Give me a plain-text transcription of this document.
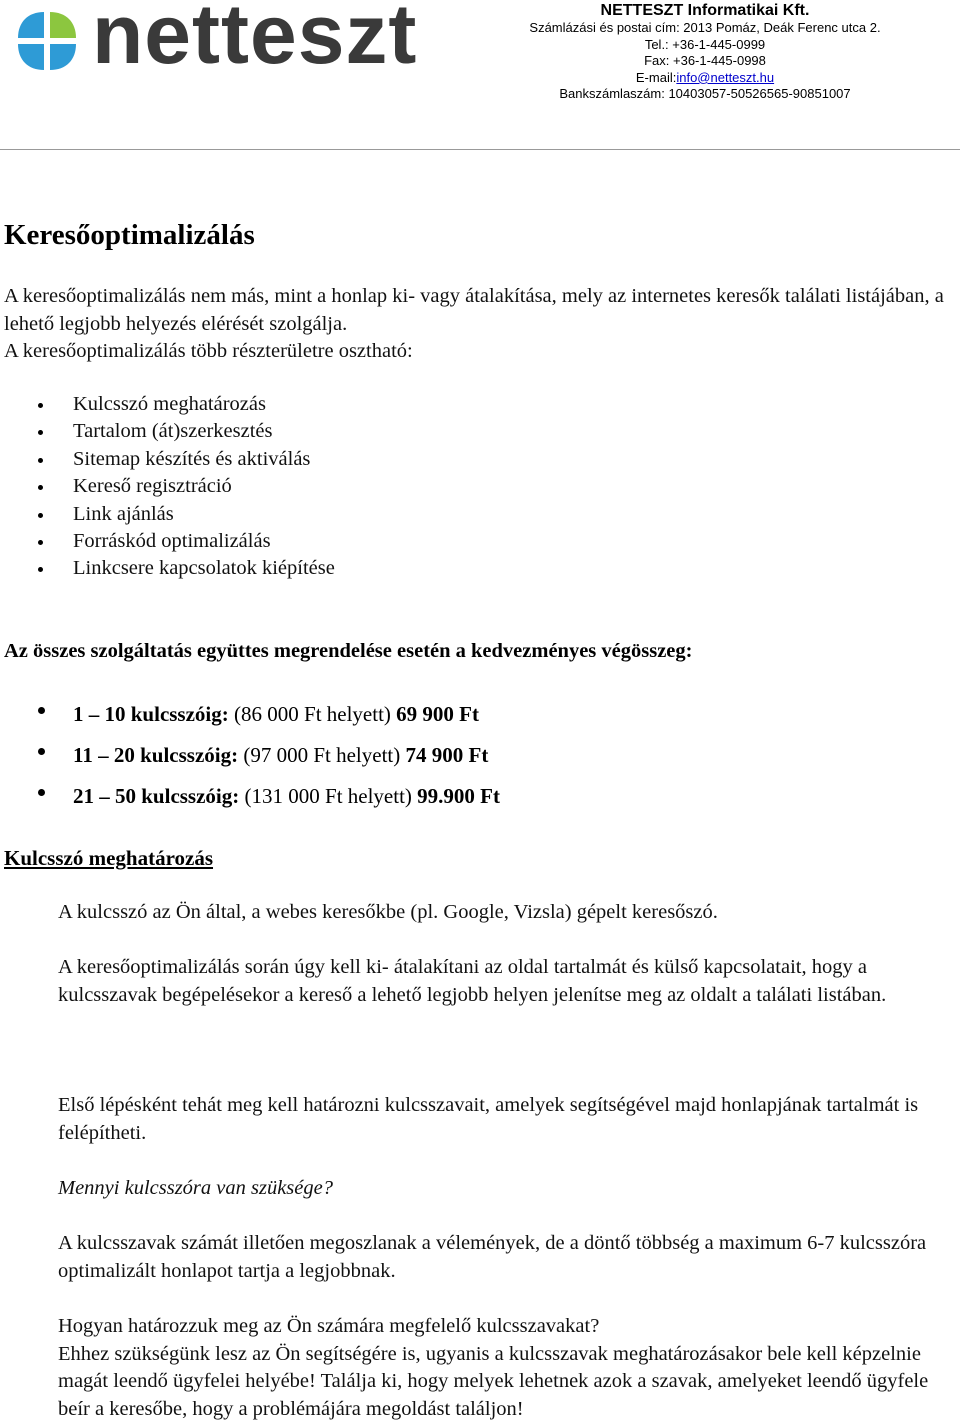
netteszt	NETTESZT Informatikai Kft.
Számlázási és postai cím: 2013 Pomáz, Deák Ferenc utca 2.
Tel.: +36-1-445-0999
Fax: +36-1-445-0998
E-mail:info@netteszt.hu
Bankszámlaszám: 10403057-50526565-90851007
Keresőoptimalizálás
A keresőoptimalizálás nem más, mint a honlap ki- vagy átalakítása, mely az internetes keresők találati listájában, a lehető legjobb helyezés elérését szolgálja.
A keresőoptimalizálás több részterületre osztható:
Kulcsszó meghatározás
Tartalom (át)szerkesztés
Sitemap készítés és aktiválás
Kereső regisztráció
Link ajánlás
Forráskód optimalizálás
Linkcsere kapcsolatok kiépítése
Az összes szolgáltatás együttes megrendelése esetén a kedvezményes végösszeg:
1 – 10 kulcsszóig: (86 000 Ft helyett) 69 900 Ft
11 – 20 kulcsszóig: (97 000 Ft helyett) 74 900 Ft
21 – 50 kulcsszóig: (131 000 Ft helyett) 99.900 Ft
Kulcsszó meghatározás

A kulcsszó az Ön által, a webes keresőkbe (pl. Google, Vizsla) gépelt keresőszó.

A keresőoptimalizálás során úgy kell ki- átalakítani az oldal tartalmát és külső kapcsolatait, hogy a kulcsszavak begépelésekor a kereső a lehető legjobb helyen jelenítse meg az oldalt a találati listában.

Első lépésként tehát meg kell határozni kulcsszavait, amelyek segítségével majd honlapjának tartalmát is felépítheti.

Mennyi kulcsszóra van szüksége?

A kulcsszavak számát illetően megoszlanak a vélemények, de a döntő többség a maximum 6-7 kulcsszóra optimalizált honlapot tartja a legjobbnak.

Hogyan határozzuk meg az Ön számára megfelelő kulcsszavakat?
Ehhez szükségünk lesz az Ön segítségére is, ugyanis a kulcsszavak meghatározásakor bele kell képzelnie magát leendő ügyfelei helyébe! Találja ki, hogy melyek lehetnek azok a szavak, amelyeket leendő ügyfele beír a keresőbe, hogy a problémájára megoldást találjon!
